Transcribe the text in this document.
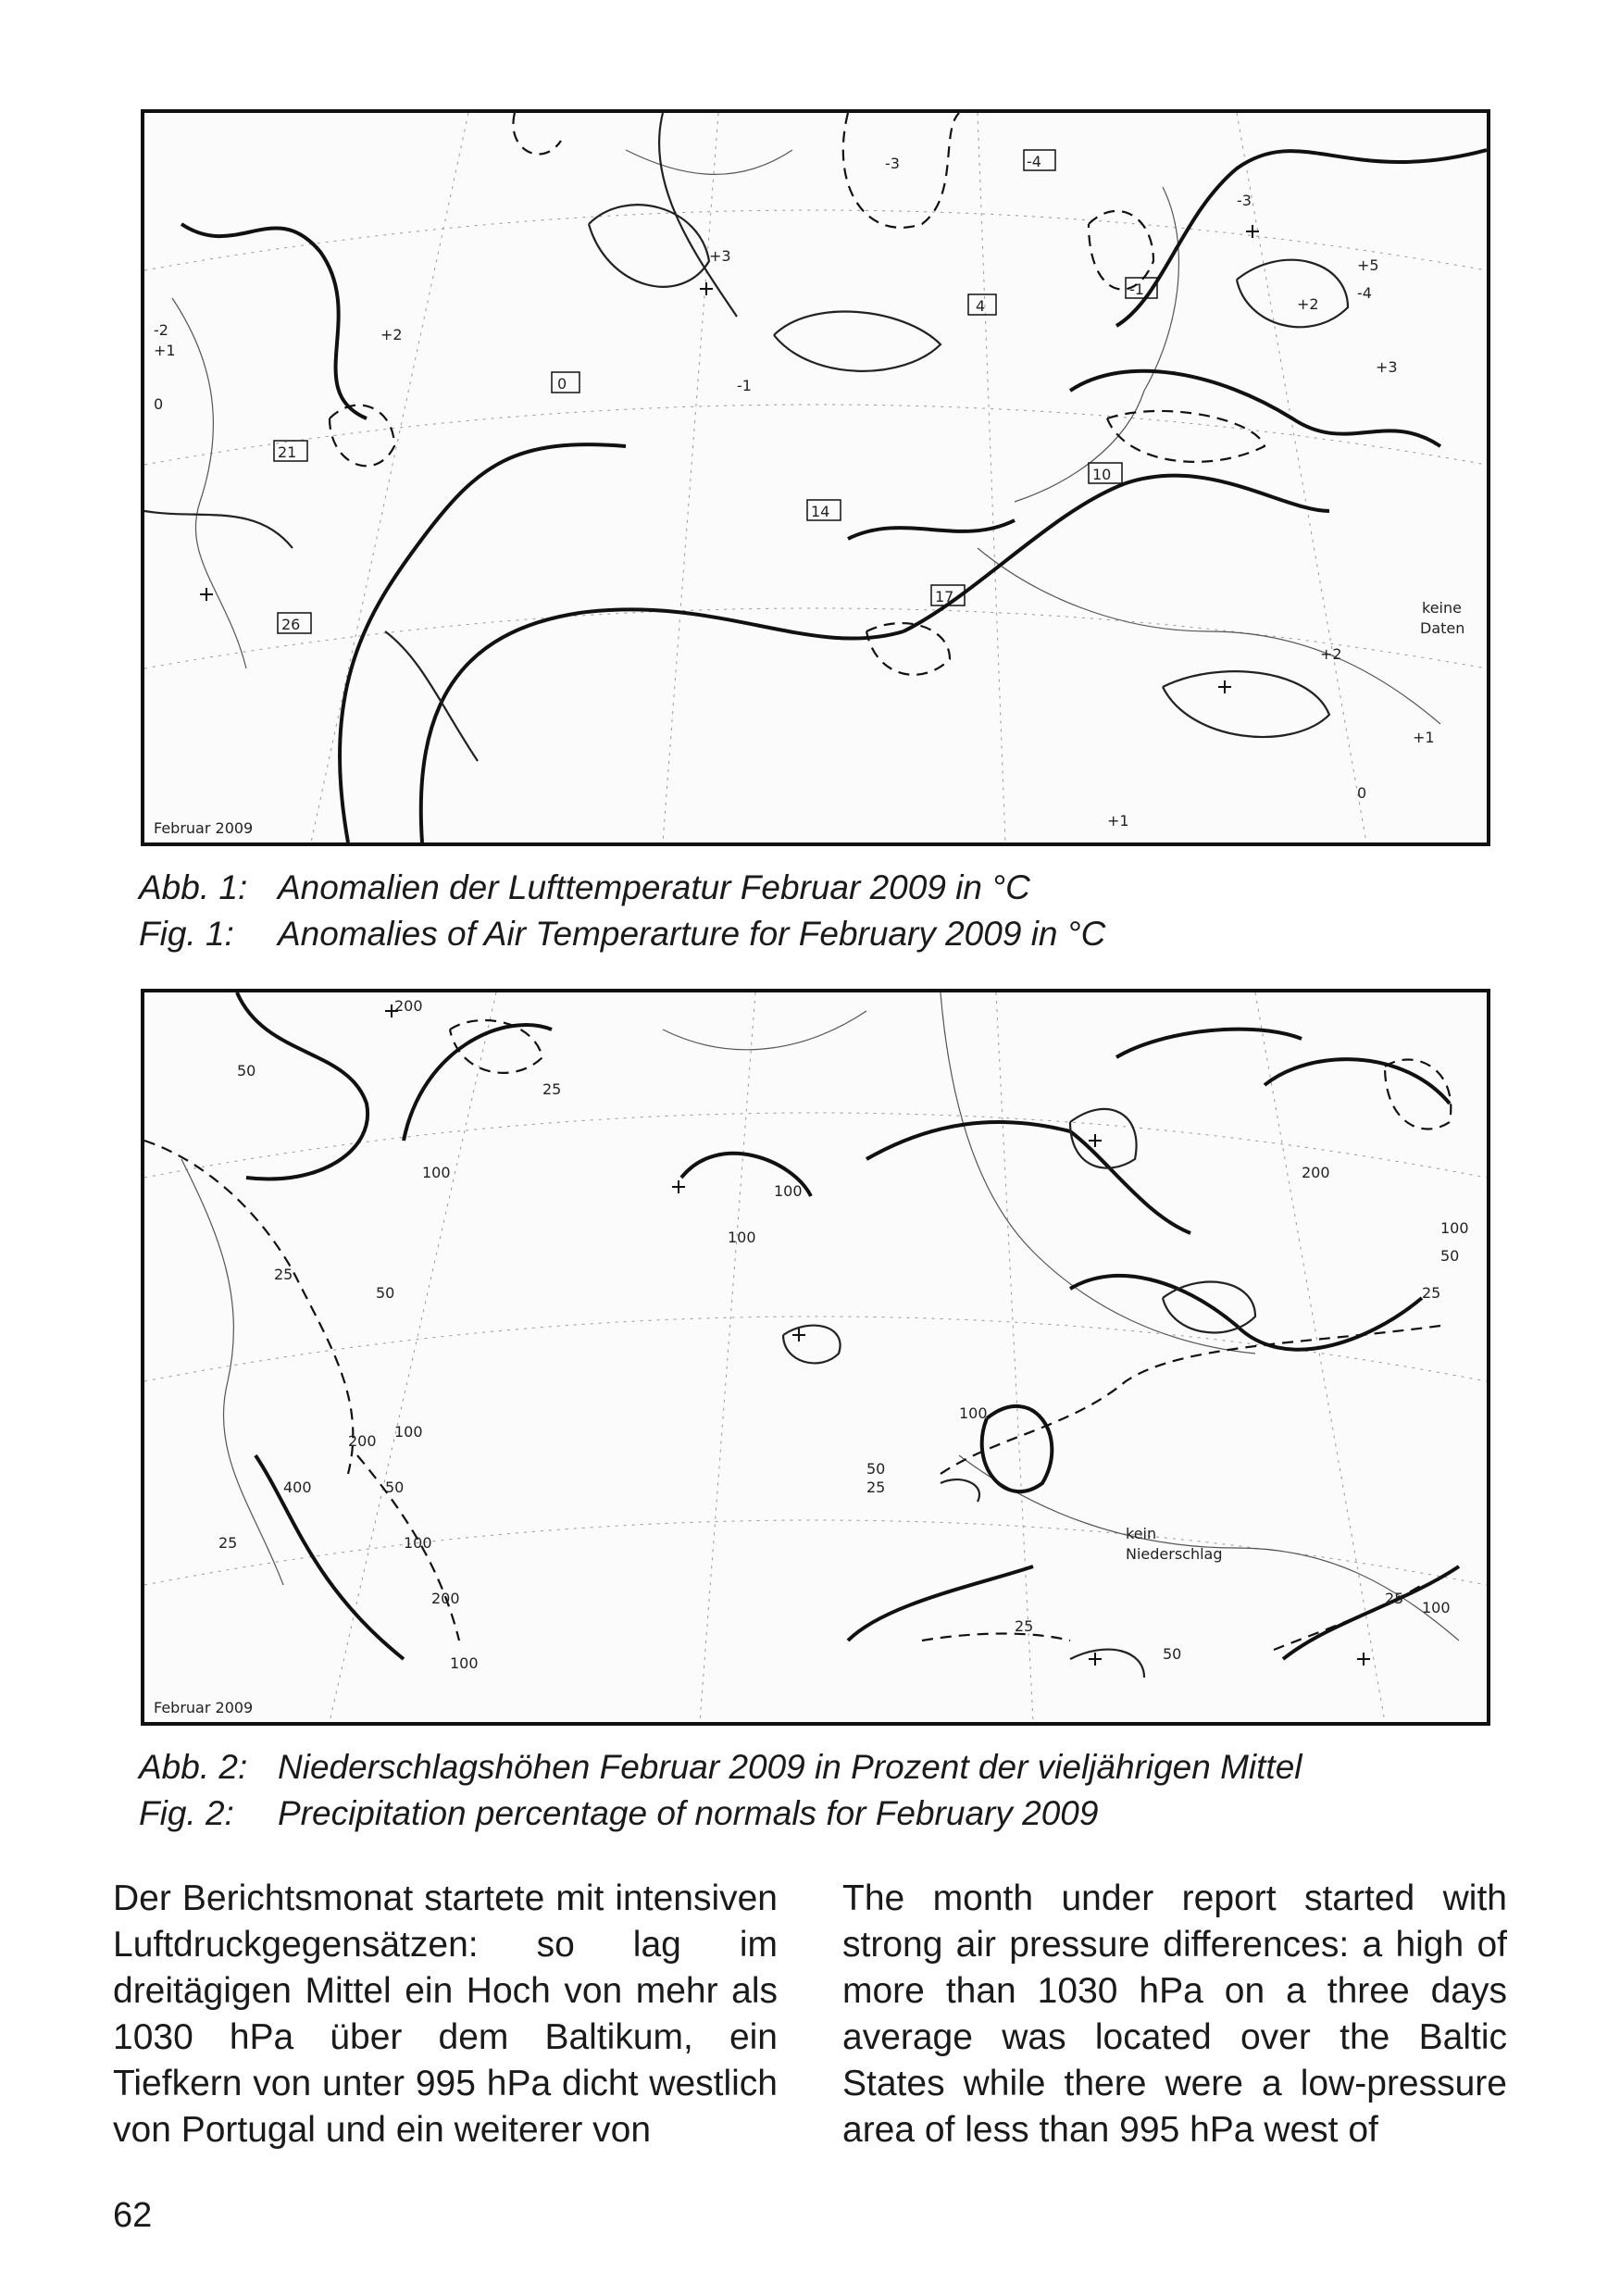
0
4
-4
-1
21
26
14
10
17
+3
+2
-3
-2
+1
-1
0
+2
-3
keine
Daten
+1
+5
-4
+3
+2
+1
0
Februar 2009
Abb. 1: Anomalien der Lufttemperatur Februar 2009 in °C
Fig. 1: Anomalies of Air Temperarture for February 2009 in °C
50
200
25
100
100
100
50
25
200
100
400	50
25	100
200
100
50
25
kein
Niederschlag
200
100
50
25
100
25
50
100
25
Februar 2009
Abb. 2: Niederschlagshöhen Februar 2009 in Prozent der vieljährigen Mittel
Fig. 2: Precipitation percentage of normals for February 2009

Der Berichtsmonat startete mit intensiven Luftdruckgegensätzen: so lag im dreitägigen Mittel ein Hoch von mehr als 1030 hPa über dem Baltikum, ein Tiefkern von unter 995 hPa dicht westlich von Portugal und ein weiterer von

The month under report started with strong air pressure differences: a high of more than 1030 hPa on a three days average was located over the Baltic States while there were a low-pressure area of less than 995 hPa west of

62
